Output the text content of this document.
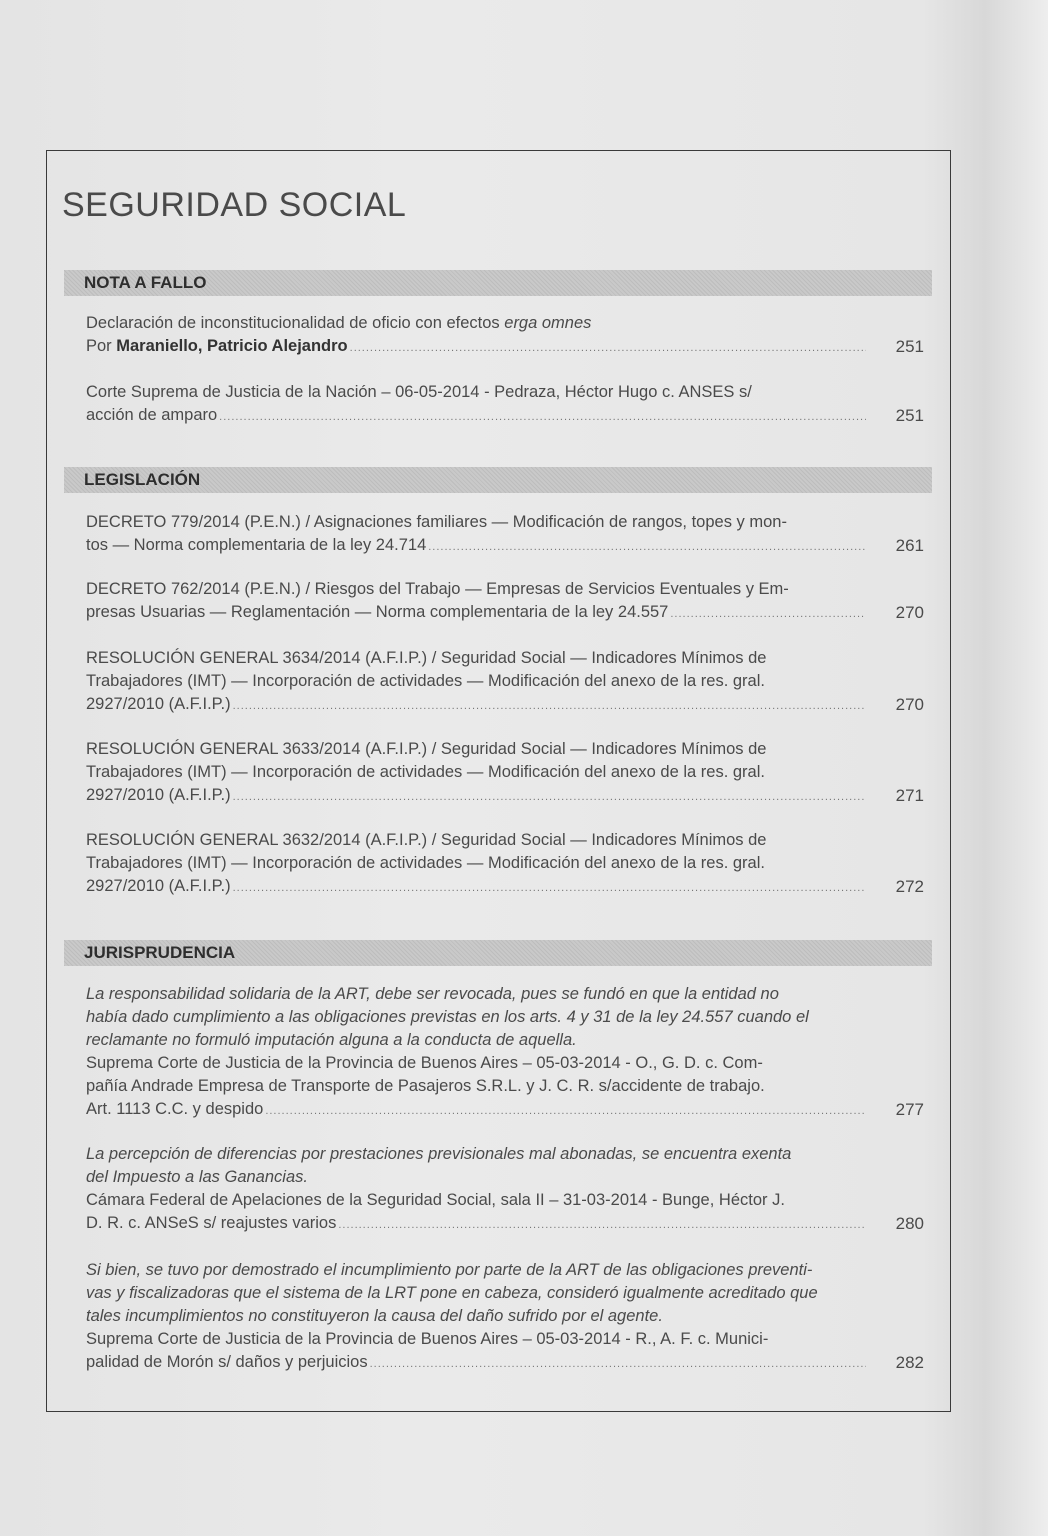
SEGURIDAD SOCIAL
NOTA A FALLO
Declaración de inconstitucionalidad de oficio con efectos erga omnes
Por Maraniello, Patricio Alejandro .....	251
Corte Suprema de Justicia de la Nación – 06-05-2014 - Pedraza, Héctor Hugo c. ANSES s/
acción de amparo .....	251
LEGISLACIÓN
DECRETO 779/2014 (P.E.N.) / Asignaciones familiares — Modificación de rangos, topes y mon-
tos — Norma complementaria de la ley 24.714 .....	261
DECRETO 762/2014 (P.E.N.) / Riesgos del Trabajo — Empresas de Servicios Eventuales y Em-
presas Usuarias — Reglamentación — Norma complementaria de la ley 24.557 .....	270
RESOLUCIÓN GENERAL 3634/2014 (A.F.I.P.) / Seguridad Social — Indicadores Mínimos de
Trabajadores (IMT) — Incorporación de actividades — Modificación del anexo de la res. gral.
2927/2010 (A.F.I.P.) .....	270
RESOLUCIÓN GENERAL 3633/2014 (A.F.I.P.) / Seguridad Social — Indicadores Mínimos de
Trabajadores (IMT) — Incorporación de actividades — Modificación del anexo de la res. gral.
2927/2010 (A.F.I.P.) .....	271
RESOLUCIÓN GENERAL 3632/2014 (A.F.I.P.) / Seguridad Social — Indicadores Mínimos de
Trabajadores (IMT) — Incorporación de actividades — Modificación del anexo de la res. gral.
2927/2010 (A.F.I.P.) .....	272
JURISPRUDENCIA
La responsabilidad solidaria de la ART, debe ser revocada, pues se fundó en que la entidad no
había dado cumplimiento a las obligaciones previstas en los arts. 4 y 31 de la ley 24.557 cuando el
reclamante no formuló imputación alguna a la conducta de aquella.
Suprema Corte de Justicia de la Provincia de Buenos Aires – 05-03-2014 - O., G. D. c. Com-
pañía Andrade Empresa de Transporte de Pasajeros S.R.L. y J. C. R. s/accidente de trabajo.
Art. 1113 C.C. y despido .....	277
La percepción de diferencias por prestaciones previsionales mal abonadas, se encuentra exenta
del Impuesto a las Ganancias.
Cámara Federal de Apelaciones de la Seguridad Social, sala II – 31-03-2014 - Bunge, Héctor J.
D. R. c. ANSeS s/ reajustes varios .....	280
Si bien, se tuvo por demostrado el incumplimiento por parte de la ART de las obligaciones preventi-
vas y fiscalizadoras que el sistema de la LRT pone en cabeza, consideró igualmente acreditado que
tales incumplimientos no constituyeron la causa del daño sufrido por el agente.
Suprema Corte de Justicia de la Provincia de Buenos Aires – 05-03-2014 - R., A. F. c. Munici-
palidad de Morón s/ daños y perjuicios .....	282
